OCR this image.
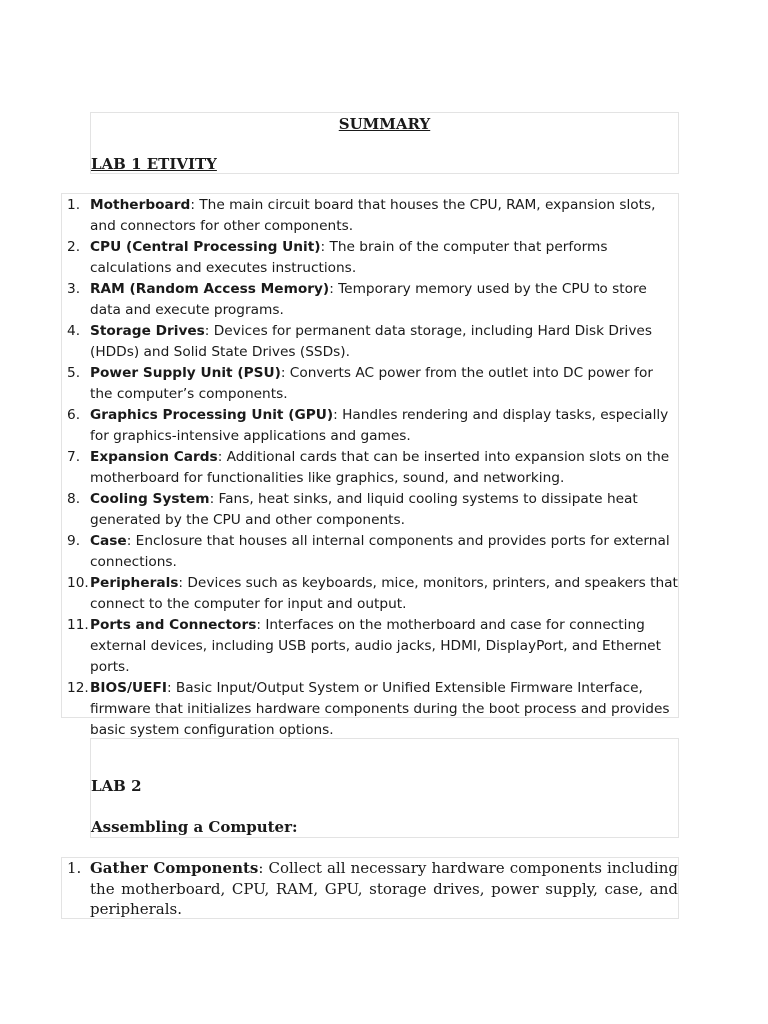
SUMMARY
LAB 1 ETIVITY
1. Motherboard: The main circuit board that houses the CPU, RAM, expansion slots, and connectors for other components.
2. CPU (Central Processing Unit): The brain of the computer that performs calculations and executes instructions.
3. RAM (Random Access Memory): Temporary memory used by the CPU to store data and execute programs.
4. Storage Drives: Devices for permanent data storage, including Hard Disk Drives (HDDs) and Solid State Drives (SSDs).
5. Power Supply Unit (PSU): Converts AC power from the outlet into DC power for the computer’s components.
6. Graphics Processing Unit (GPU): Handles rendering and display tasks, especially for graphics-intensive applications and games.
7. Expansion Cards: Additional cards that can be inserted into expansion slots on the motherboard for functionalities like graphics, sound, and networking.
8. Cooling System: Fans, heat sinks, and liquid cooling systems to dissipate heat generated by the CPU and other components.
9. Case: Enclosure that houses all internal components and provides ports for external connections.
10. Peripherals: Devices such as keyboards, mice, monitors, printers, and speakers that connect to the computer for input and output.
11. Ports and Connectors: Interfaces on the motherboard and case for connecting external devices, including USB ports, audio jacks, HDMI, DisplayPort, and Ethernet ports.
12. BIOS/UEFI: Basic Input/Output System or Unified Extensible Firmware Interface, firmware that initializes hardware components during the boot process and provides basic system configuration options.
LAB 2
Assembling a Computer:
1. Gather Components: Collect all necessary hardware components including the motherboard, CPU, RAM, GPU, storage drives, power supply, case, and peripherals.
